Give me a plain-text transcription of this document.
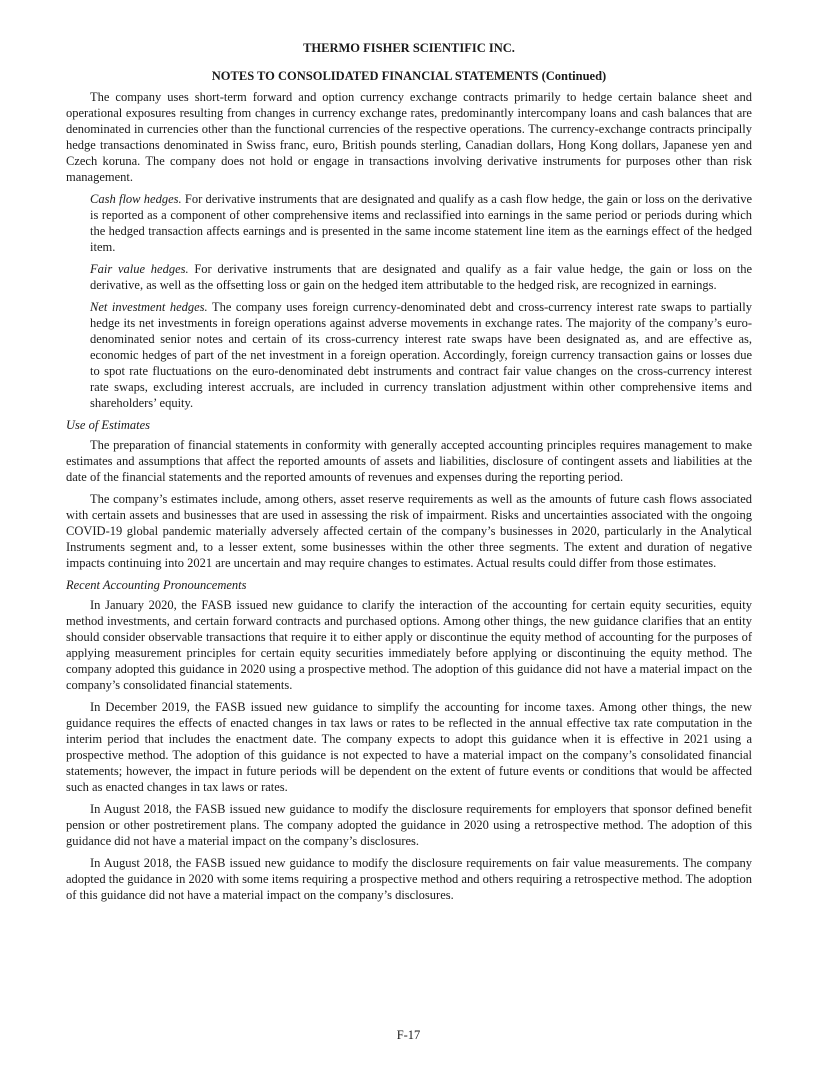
THERMO FISHER SCIENTIFIC INC.
NOTES TO CONSOLIDATED FINANCIAL STATEMENTS (Continued)

The company uses short-term forward and option currency exchange contracts primarily to hedge certain balance sheet and operational exposures resulting from changes in currency exchange rates, predominantly intercompany loans and cash balances that are denominated in currencies other than the functional currencies of the respective operations. The currency-exchange contracts principally hedge transactions denominated in Swiss franc, euro, British pounds sterling, Canadian dollars, Hong Kong dollars, Japanese yen and Czech koruna. The company does not hold or engage in transactions involving derivative instruments for purposes other than risk management.

Cash flow hedges. For derivative instruments that are designated and qualify as a cash flow hedge, the gain or loss on the derivative is reported as a component of other comprehensive items and reclassified into earnings in the same period or periods during which the hedged transaction affects earnings and is presented in the same income statement line item as the earnings effect of the hedged item.

Fair value hedges. For derivative instruments that are designated and qualify as a fair value hedge, the gain or loss on the derivative, as well as the offsetting loss or gain on the hedged item attributable to the hedged risk, are recognized in earnings.

Net investment hedges. The company uses foreign currency-denominated debt and cross-currency interest rate swaps to partially hedge its net investments in foreign operations against adverse movements in exchange rates. The majority of the company’s euro-denominated senior notes and certain of its cross-currency interest rate swaps have been designated as, and are effective as, economic hedges of part of the net investment in a foreign operation. Accordingly, foreign currency transaction gains or losses due to spot rate fluctuations on the euro-denominated debt instruments and contract fair value changes on the cross-currency interest rate swaps, excluding interest accruals, are included in currency translation adjustment within other comprehensive items and shareholders’ equity.

Use of Estimates

The preparation of financial statements in conformity with generally accepted accounting principles requires management to make estimates and assumptions that affect the reported amounts of assets and liabilities, disclosure of contingent assets and liabilities at the date of the financial statements and the reported amounts of revenues and expenses during the reporting period.

The company’s estimates include, among others, asset reserve requirements as well as the amounts of future cash flows associated with certain assets and businesses that are used in assessing the risk of impairment. Risks and uncertainties associated with the ongoing COVID-19 global pandemic materially adversely affected certain of the company’s businesses in 2020, particularly in the Analytical Instruments segment and, to a lesser extent, some businesses within the other three segments. The extent and duration of negative impacts continuing into 2021 are uncertain and may require changes to estimates. Actual results could differ from those estimates.

Recent Accounting Pronouncements

In January 2020, the FASB issued new guidance to clarify the interaction of the accounting for certain equity securities, equity method investments, and certain forward contracts and purchased options. Among other things, the new guidance clarifies that an entity should consider observable transactions that require it to either apply or discontinue the equity method of accounting for the purposes of applying measurement principles for certain equity securities immediately before applying or discontinuing the equity method. The company adopted this guidance in 2020 using a prospective method. The adoption of this guidance did not have a material impact on the company’s consolidated financial statements.

In December 2019, the FASB issued new guidance to simplify the accounting for income taxes. Among other things, the new guidance requires the effects of enacted changes in tax laws or rates to be reflected in the annual effective tax rate computation in the interim period that includes the enactment date. The company expects to adopt this guidance when it is effective in 2021 using a prospective method. The adoption of this guidance is not expected to have a material impact on the company’s consolidated financial statements; however, the impact in future periods will be dependent on the extent of future events or conditions that would be affected such as enacted changes in tax laws or rates.

In August 2018, the FASB issued new guidance to modify the disclosure requirements for employers that sponsor defined benefit pension or other postretirement plans. The company adopted the guidance in 2020 using a retrospective method. The adoption of this guidance did not have a material impact on the company’s disclosures.

In August 2018, the FASB issued new guidance to modify the disclosure requirements on fair value measurements. The company adopted the guidance in 2020 with some items requiring a prospective method and others requiring a retrospective method. The adoption of this guidance did not have a material impact on the company’s disclosures.

F-17
